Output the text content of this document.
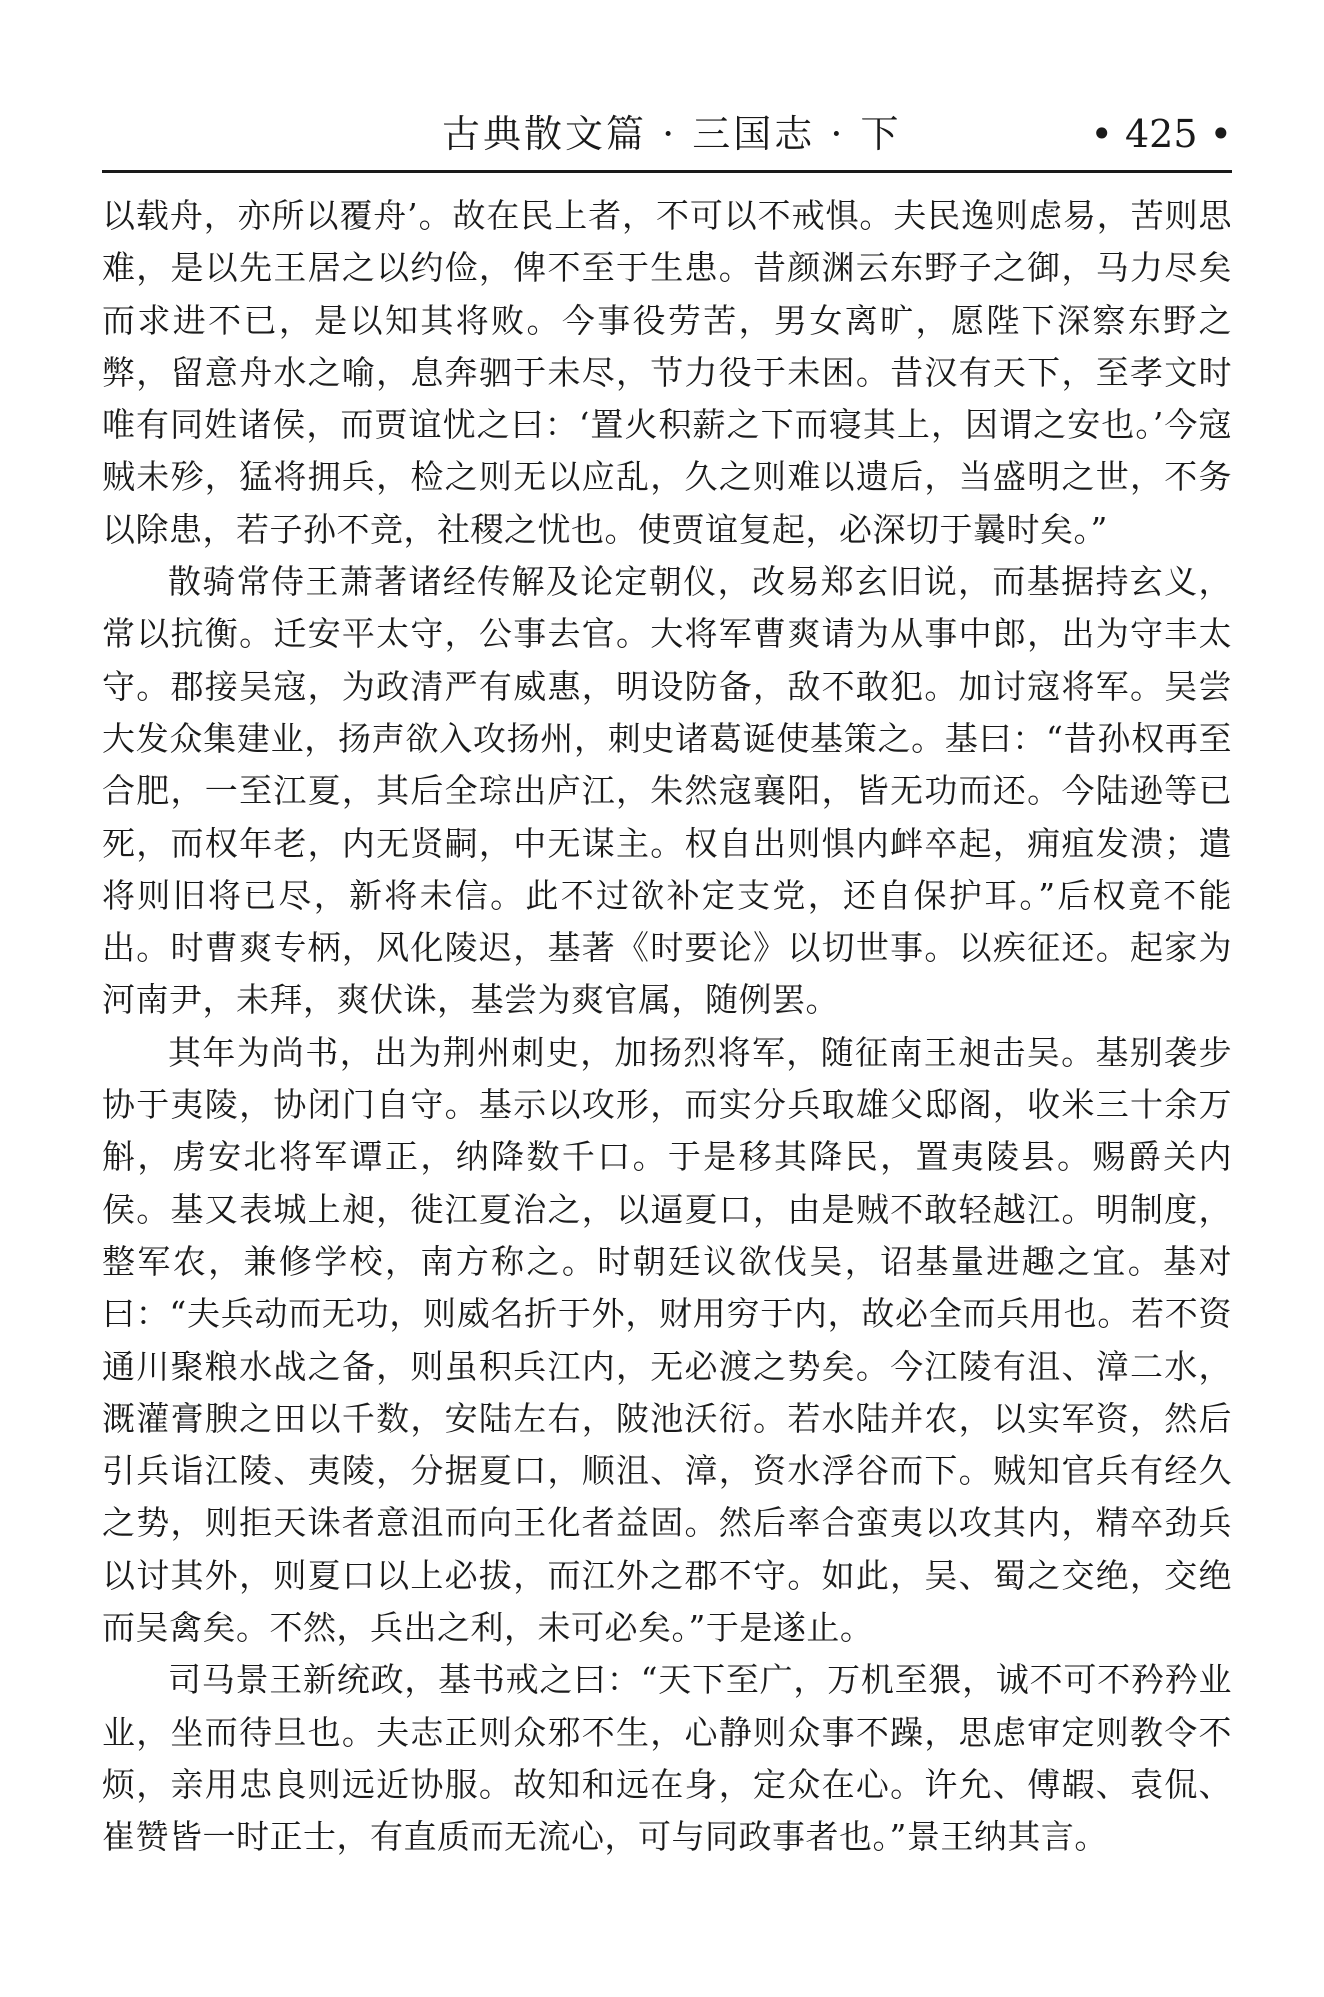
古典散文篇 · 三国志 · 下	• 425 •

以载舟，亦所以覆舟’。故在民上者，不可以不戒惧。夫民逸则虑易，苦则思难，是以先王居之以约俭，俾不至于生患。昔颜渊云东野子之御，马力尽矣而求进不已，是以知其将败。今事役劳苦，男女离旷，愿陛下深察东野之弊，留意舟水之喻，息奔驷于未尽，节力役于未困。昔汉有天下，至孝文时唯有同姓诸侯，而贾谊忧之曰：‘置火积薪之下而寝其上，因谓之安也。’今寇贼未殄，猛将拥兵，检之则无以应乱，久之则难以遗后，当盛明之世，不务以除患，若子孙不竞，社稷之忧也。使贾谊复起，必深切于曩时矣。”

散骑常侍王萧著诸经传解及论定朝仪，改易郑玄旧说，而基据持玄义，常以抗衡。迁安平太守，公事去官。大将军曹爽请为从事中郎，出为守丰太守。郡接吴寇，为政清严有威惠，明设防备，敌不敢犯。加讨寇将军。吴尝大发众集建业，扬声欲入攻扬州，刺史诸葛诞使基策之。基曰：“昔孙权再至合肥，一至江夏，其后全琮出庐江，朱然寇襄阳，皆无功而还。今陆逊等已死，而权年老，内无贤嗣，中无谋主。权自出则惧内衅卒起，痈疽发溃；遣将则旧将已尽，新将未信。此不过欲补定支党，还自保护耳。”后权竟不能出。时曹爽专柄，风化陵迟，基著《时要论》以切世事。以疾征还。起家为河南尹，未拜，爽伏诛，基尝为爽官属，随例罢。

其年为尚书，出为荆州刺史，加扬烈将军，随征南王昶击吴。基别袭步协于夷陵，协闭门自守。基示以攻形，而实分兵取雄父邸阁，收米三十余万斛，虏安北将军谭正，纳降数千口。于是移其降民，置夷陵县。赐爵关内侯。基又表城上昶，徙江夏治之，以逼夏口，由是贼不敢轻越江。明制度，整军农，兼修学校，南方称之。时朝廷议欲伐吴，诏基量进趣之宜。基对曰：“夫兵动而无功，则威名折于外，财用穷于内，故必全而兵用也。若不资通川聚粮水战之备，则虽积兵江内，无必渡之势矣。今江陵有沮、漳二水，溉灌膏腴之田以千数，安陆左右，陂池沃衍。若水陆并农，以实军资，然后引兵诣江陵、夷陵，分据夏口，顺沮、漳，资水浮谷而下。贼知官兵有经久之势，则拒天诛者意沮而向王化者益固。然后率合蛮夷以攻其内，精卒劲兵以讨其外，则夏口以上必拔，而江外之郡不守。如此，吴、蜀之交绝，交绝而吴禽矣。不然，兵出之利，未可必矣。”于是遂止。

司马景王新统政，基书戒之曰：“天下至广，万机至猥，诚不可不矜矜业业，坐而待旦也。夫志正则众邪不生，心静则众事不躁，思虑审定则教令不烦，亲用忠良则远近协服。故知和远在身，定众在心。许允、傅嘏、袁侃、崔赞皆一时正士，有直质而无流心，可与同政事者也。”景王纳其言。
